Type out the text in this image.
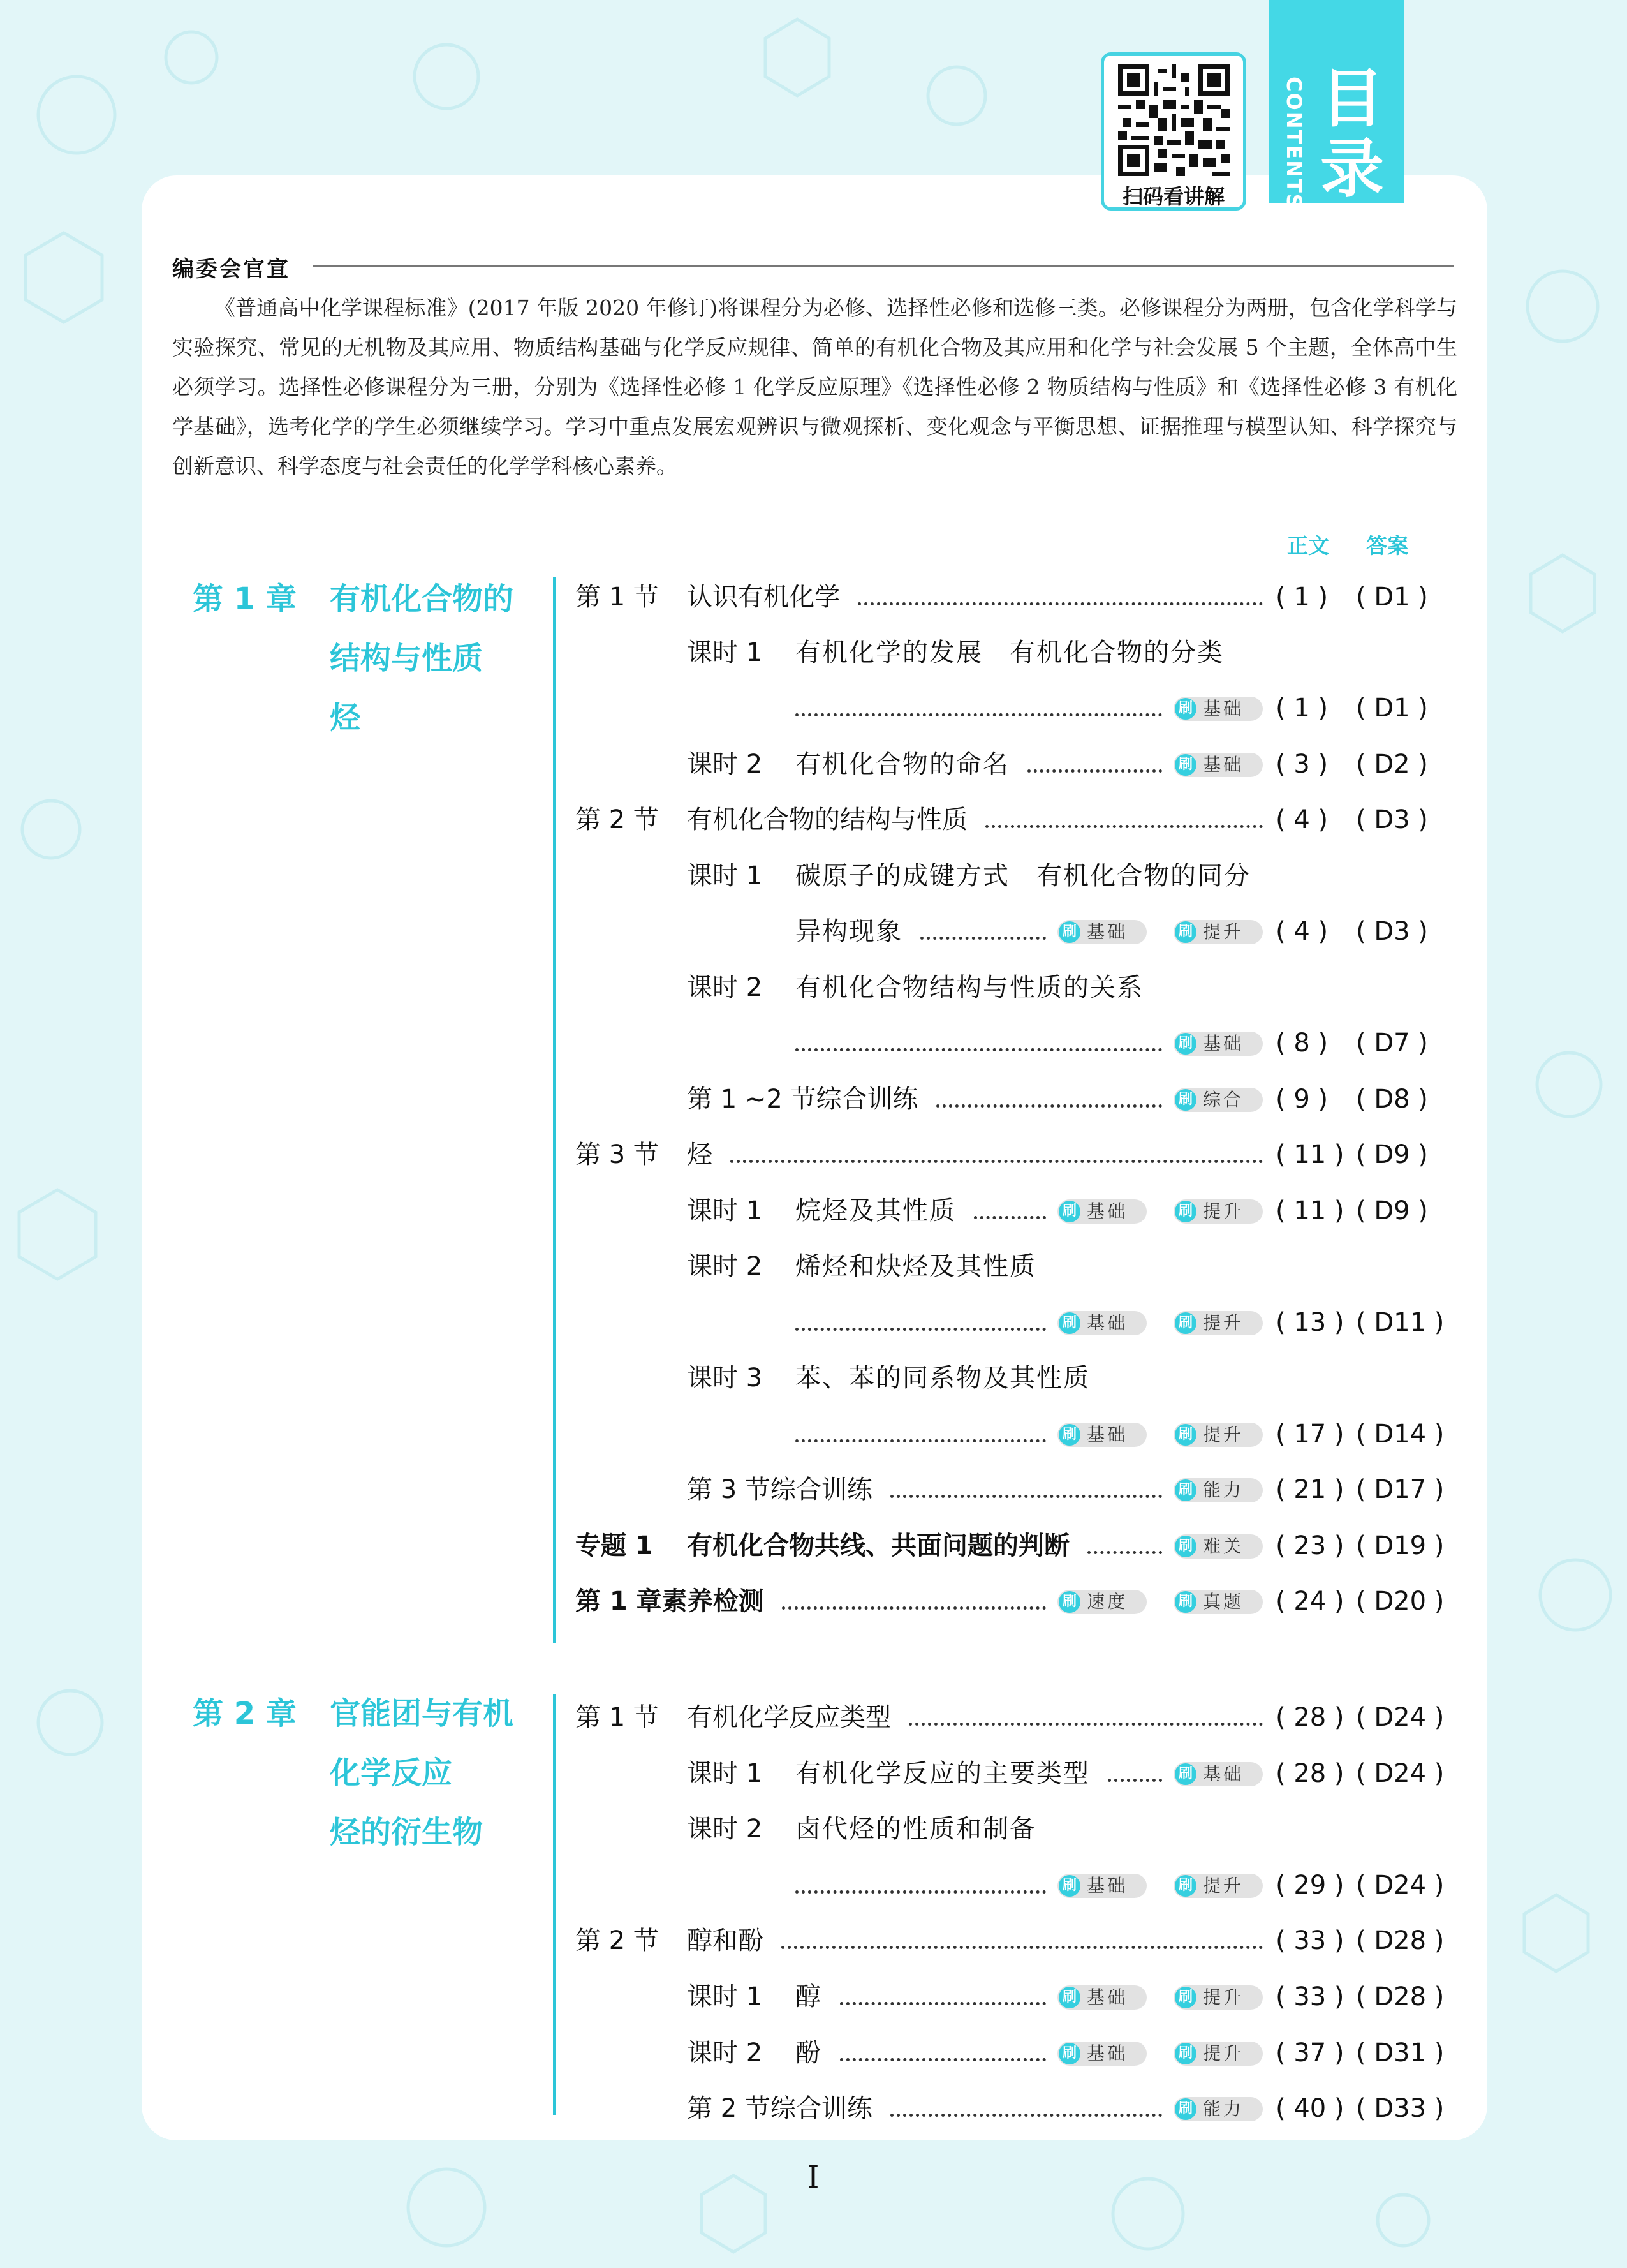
CONTENTS 目录
扫码看讲解
编委会官宣
《普通高中化学课程标准》(2017 年版 2020 年修订)将课程分为必修、选择性必修和选修三类。必修课程分为两册，包含化学科学与实验探究、常见的无机物及其应用、物质结构基础与化学反应规律、简单的有机化合物及其应用和化学与社会发展 5 个主题，全体高中生必须学习。选择性必修课程分为三册，分别为《选择性必修 1 化学反应原理》《选择性必修 2 物质结构与性质》和《选择性必修 3 有机化学基础》，选考化学的学生必须继续学习。学习中重点发展宏观辨识与微观探析、变化观念与平衡思想、证据推理与模型认知、科学探究与创新意识、科学态度与社会责任的化学学科核心素养。
正文 答案
第 1 章 有机化合物的
结构与性质
烃
第 2 章 官能团与有机
化学反应
烃的衍生物
第 1 节 认识有机化学	( 1 ) ( D1 )
课时 1 有机化学的发展　有机化合物的分类
刷 基础 ( 1 ) ( D1 )
课时 2 有机化合物的命名	刷 基础 ( 3 ) ( D2 )
第 2 节 有机化合物的结构与性质	( 4 ) ( D3 )
课时 1 碳原子的成键方式　有机化合物的同分
异构现象	刷 基础	刷 提升 ( 4 ) ( D3 )
课时 2 有机化合物结构与性质的关系
刷 基础 ( 8 ) ( D7 )
第 1 ~2 节综合训练	刷 综合 ( 9 ) ( D8 )
第 3 节 烃	( 11 ) ( D9 )
课时 1 烷烃及其性质	刷 基础	刷 提升 ( 11 ) ( D9 )
课时 2 烯烃和炔烃及其性质
刷 基础	刷 提升 ( 13 ) ( D11 )
课时 3 苯、苯的同系物及其性质
刷 基础	刷 提升 ( 17 ) ( D14 )
第 3 节综合训练	刷 能力 ( 21 ) ( D17 )
专题 1 有机化合物共线、共面问题的判断	刷 难关 ( 23 ) ( D19 )
第 1 章素养检测	刷 速度	刷 真题 ( 24 ) ( D20 )
第 1 节 有机化学反应类型	( 28 ) ( D24 )
课时 1 有机化学反应的主要类型	刷 基础 ( 28 ) ( D24 )
课时 2 卤代烃的性质和制备
刷 基础	刷 提升 ( 29 ) ( D24 )
第 2 节 醇和酚	( 33 ) ( D28 )
课时 1 醇	刷 基础	刷 提升 ( 33 ) ( D28 )
课时 2 酚	刷 基础	刷 提升 ( 37 ) ( D31 )
第 2 节综合训练	刷 能力 ( 40 ) ( D33 )
I
